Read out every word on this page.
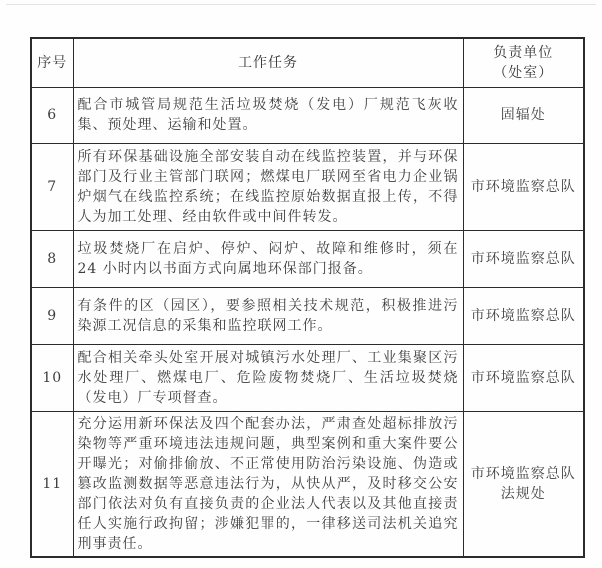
序号	工作任务	负责单位
（处室）

6	配合市城管局规范生活垃圾焚烧（发电）厂规范飞灰收集、预处理、运输和处置。	固辐处
7	所有环保基础设施全部安装自动在线监控装置，并与环保部门及行业主管部门联网；燃煤电厂联网至省电力企业锅炉烟气在线监控系统；在线监控原始数据直报上传，不得人为加工处理、经由软件或中间件转发。	市环境监察总队
8	垃圾焚烧厂在启炉、停炉、闷炉、故障和维修时，须在 24 小时内以书面方式向属地环保部门报备。	市环境监察总队
9	有条件的区（园区），要参照相关技术规范，积极推进污染源工况信息的采集和监控联网工作。	市环境监察总队
10	配合相关牵头处室开展对城镇污水处理厂、工业集聚区污水处理厂、燃煤电厂、危险废物焚烧厂、生活垃圾焚烧（发电）厂专项督查。	市环境监察总队
11	充分运用新环保法及四个配套办法，严肃查处超标排放污染物等严重环境违法违规问题，典型案例和重大案件要公开曝光；对偷排偷放、不正常使用防治污染设施、伪造或篡改监测数据等恶意违法行为，从快从严，及时移交公安部门依法对负有直接负责的企业法人代表以及其他直接责任人实施行政拘留；涉嫌犯罪的，一律移送司法机关追究刑事责任。	市环境监察总队
法规处
